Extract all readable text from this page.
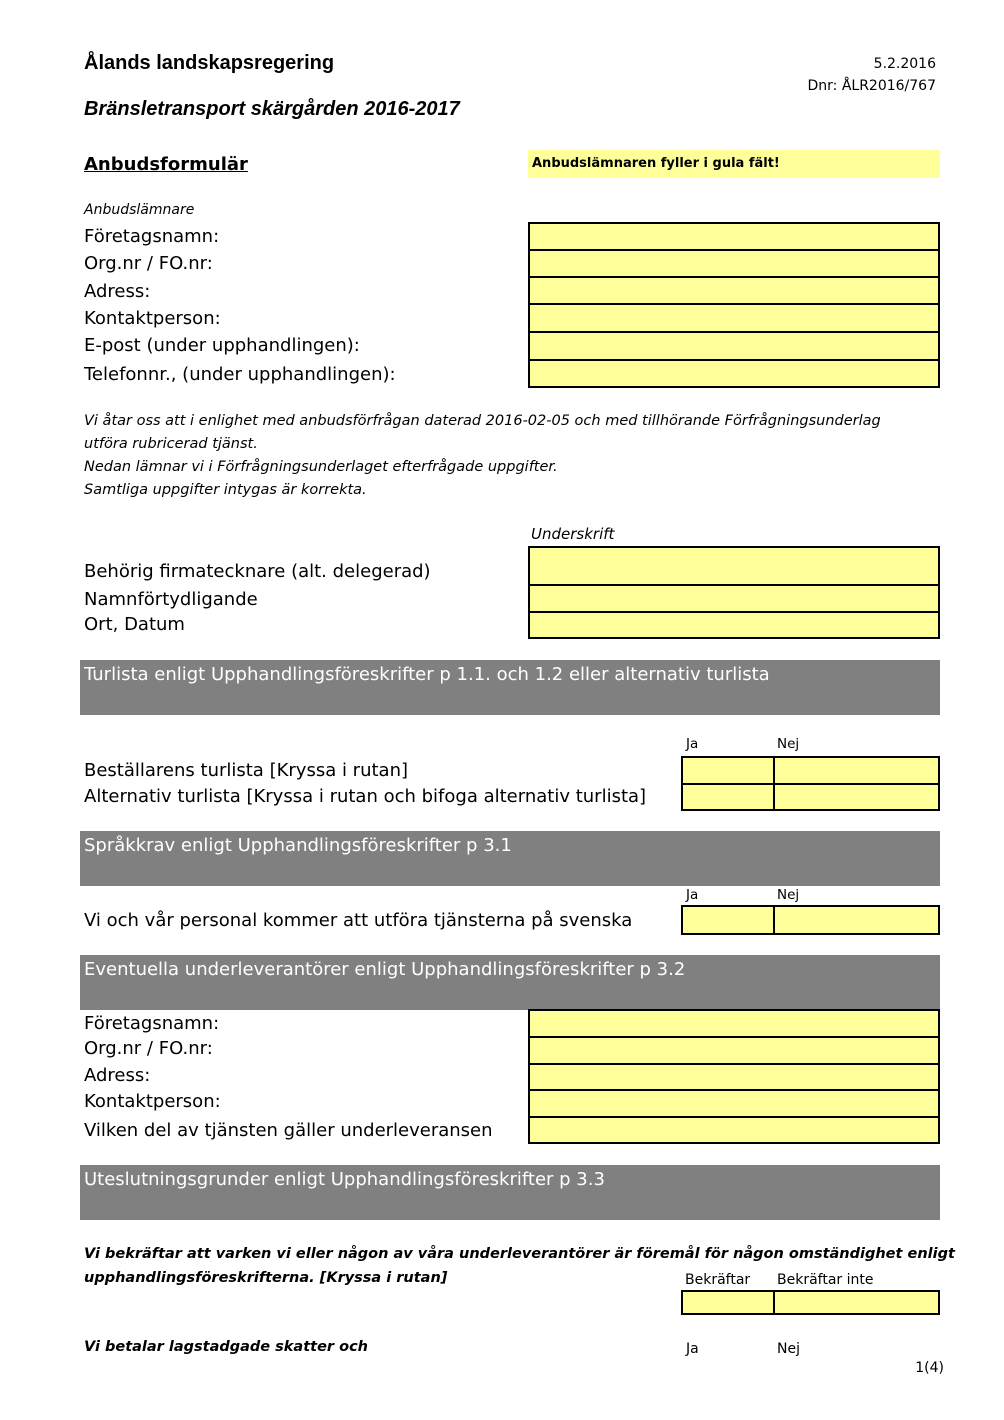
Ålands landskapsregering	5.2.2016
Dnr: ÅLR2016/767
Bränsletransport skärgården 2016-2017
Anbudsformulär	Anbudslämnaren fyller i gula fält!
Anbudslämnare
Företagsnamn:
Org.nr / FO.nr:
Adress:
Kontaktperson:
E-post (under upphandlingen):
Telefonnr., (under upphandlingen):
Vi åtar oss att i enlighet med anbudsförfrågan daterad 2016-02-05 och med tillhörande Förfrågningsunderlag
utföra rubricerad tjänst.
Nedan lämnar vi i Förfrågningsunderlaget efterfrågade uppgifter.
Samtliga uppgifter intygas är korrekta.
Underskrift
Behörig firmatecknare (alt. delegerad)
Namnförtydligande
Ort, Datum
Turlista enligt Upphandlingsföreskrifter p 1.1. och 1.2 eller alternativ turlista
Ja	Nej
Beställarens turlista [Kryssa i rutan]
Alternativ turlista [Kryssa i rutan och bifoga alternativ turlista]
Språkkrav enligt Upphandlingsföreskrifter p 3.1
Ja	Nej
Vi och vår personal kommer att utföra tjänsterna på svenska
Eventuella underleverantörer enligt Upphandlingsföreskrifter p 3.2
Företagsnamn:
Org.nr / FO.nr:
Adress:
Kontaktperson:
Vilken del av tjänsten gäller underleveransen
Uteslutningsgrunder enligt Upphandlingsföreskrifter p 3.3
Vi bekräftar att varken vi eller någon av våra underleverantörer är föremål för någon omständighet enligt
upphandlingsföreskrifterna. [Kryssa i rutan]	Bekräftar Bekräftar inte
Vi betalar lagstadgade skatter och	Ja	Nej
1(4)
